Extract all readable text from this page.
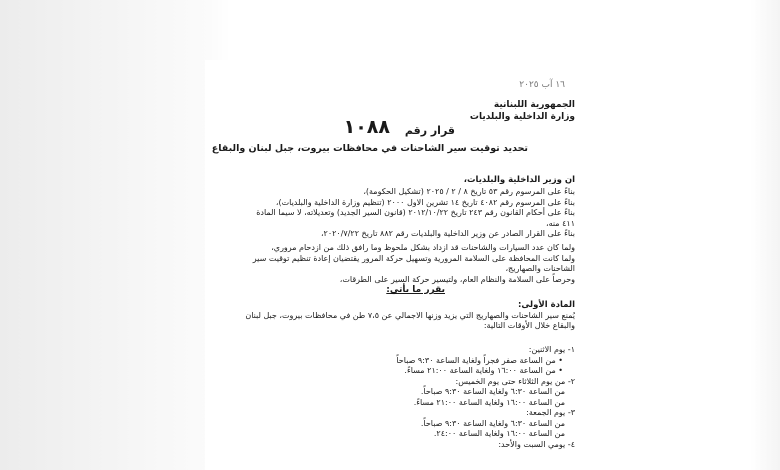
١٦ آب ٢٠٢٥
الجمهورية اللبنانية
وزارة الداخلية والبلديات
قرار رقم
١٠٨٨
تحديد توقيت سير الشاحنات في محافظات بيروت، جبل لبنان والبقاع

ان وزير الداخلية والبلديات،

بناءً على المرسوم رقم ٥٣ تاريخ ٨ / ٢ / ٢٠٢٥ (تشكيل الحكومة)،

بناءً على المرسوم رقم ٤٠٨٢ تاريخ ١٤ تشرين الاول ٢٠٠٠ (تنظيم وزارة الداخلية والبلديات)،

بناءً على أحكام القانون رقم ٢٤٣ تاريخ ٢٠١٢/١٠/٢٢ (قانون السير الجديد) وتعديلاته، لا سيما المادة

٤١١ منه،

بناءً على القرار الصادر عن وزير الداخلية والبلديات رقم ٨٨٢ تاريخ ٢٠٢٠/٧/٢٢،

ولما كان عدد السيارات والشاحنات قد ازداد بشكل ملحوظ وما رافق ذلك من ازدحام مروري،

ولما كانت المحافظة على السلامة المرورية وتسهيل حركة المرور يقتضيان إعادة تنظيم توقيت سير

الشاحنات والصهاريج،

وحرصاً على السلامة والنظام العام، ولتيسير حركة السير على الطرقات،

يقرر ما يأتي:

المادة الأولى:

يُمنع سير الشاحنات والصهاريج التي يزيد وزنها الاجمالي عن ٧،٥ طن في محافظات بيروت، جبل لبنان

والبقاع خلال الأوقات التالية:

١- يوم الاثنين:

• من الساعة صفر فجراً ولغاية الساعة ٩:٣٠ صباحاً

• من الساعة ١٦:٠٠ ولغاية الساعة ٢١:٠٠ مساءً.

٢- من يوم الثلاثاء حتى يوم الخميس:

من الساعة ٦:٣٠ ولغاية الساعة ٩:٣٠ صباحاً.

من الساعة ١٦:٠٠ ولغاية الساعة ٢١:٠٠ مساءً.

٣- يوم الجمعة:

من الساعة ٦:٣٠ ولغاية الساعة ٩:٣٠ صباحاً.

من الساعة ١٦:٠٠ ولغاية الساعة ٢٤:٠٠.

٤- يومي السبت والأحد:
